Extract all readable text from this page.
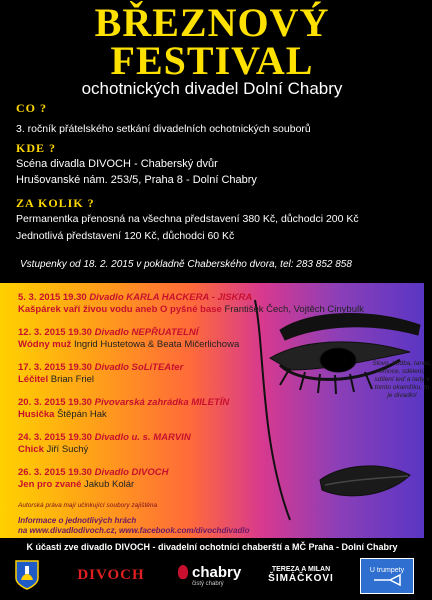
BŘEZNOVÝ
FESTIVAL
ochotnických divadel Dolní Chabry
CO ?
3. ročník přátelského setkání divadelních ochotnických souborů
KDE ?
Scéna divadla DIVOCH - Chaberský dvůr
Hrušovanské nám. 253/5, Praha 8 - Dolní Chabry
ZA KOLIK ?
Permanentka přenosná na všechna představení 380 Kč, důchodci 200 Kč
Jednotlivá představení 120 Kč, důchodci 60 Kč
Vstupenky od 18. 2. 2015 v pokladně Chaberského dvora, tel: 283 852 858
Slovo, hudba, tanec, emoce, sdělení, sdílení teď a tady v tomto okamžiku, to je divadlo!
5. 3. 2015 19.30 Divadlo KARLA HACKERA - JISKRA
Kašpárek vaří živou vodu aneb O pyšné base František Čech, Vojtěch Cinybulk
12. 3. 2015 19.30 Divadlo NEPŘUATELNÍ
Wódny muž Ingrid Hustetowa & Beata Mičerlichowa
17. 3. 2015 19.30 Divadlo SoLiTEAter
Léčitel Brian Friel
20. 3. 2015 19.30 Pivovarská zahrádka MILETÍN
Husička Štěpán Hak
24. 3. 2015 19.30 Divadlo u. s. MARVIN
Chick Jiří Suchý
26. 3. 2015 19.30 Divadlo DIVOCH
Jen pro zvané Jakub Kolár
Autorská práva mají učinkující soubory zajištěna
Informace o jednotlivých hrách
na www.divadlodivoch.cz, www.facebook.com/divochdivadlo
K účasti zve divadlo DIVOCH - divadelní ochotníci chaberští a MČ Praha - Dolní Chabry
DIVOCH	chabry
čistý chabrý
TEREZA A MILAN
ŠIMÁČKOVI
U trumpety
